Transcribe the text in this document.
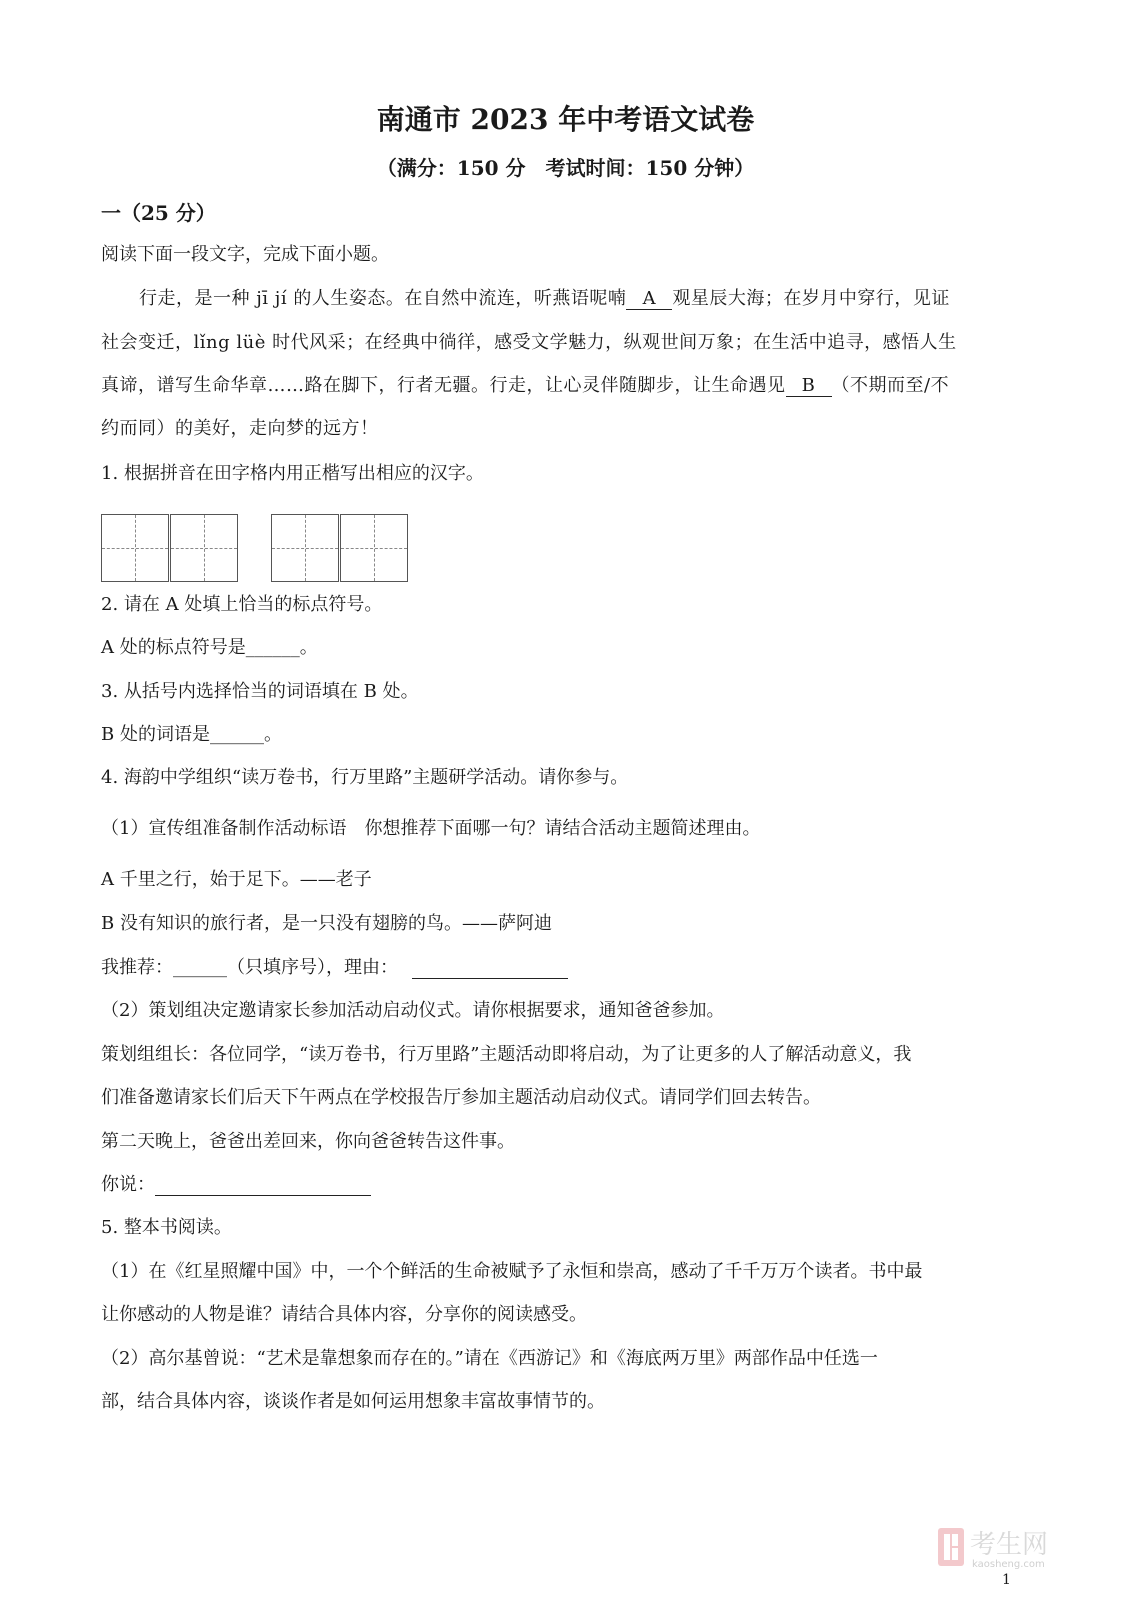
南通市 2023 年中考语文试卷
（满分：150 分　考试时间：150 分钟）
一（25 分）
阅读下面一段文字，完成下面小题。
行走，是一种 jī jí 的人生姿态。在自然中流连，听燕语呢喃 A 观星辰大海；在岁月中穿行，见证
社会变迁，lǐng lüè 时代风采；在经典中徜徉，感受文学魅力，纵观世间万象；在生活中追寻，感悟人生
真谛，谱写生命华章……路在脚下，行者无疆。行走，让心灵伴随脚步，让生命遇见 B （不期而至/不
约而同）的美好，走向梦的远方！
1. 根据拼音在田字格内用正楷写出相应的汉字。
2. 请在 A 处填上恰当的标点符号。
A 处的标点符号是______。
3. 从括号内选择恰当的词语填在 B 处。
B 处的词语是______。
4. 海韵中学组织“读万卷书，行万里路”主题研学活动。请你参与。
（1）宣传组准备制作活动标语　你想推荐下面哪一句？请结合活动主题简述理由。
A 千里之行，始于足下。——老子
B 没有知识的旅行者，是一只没有翅膀的鸟。——萨阿迪
我推荐：______（只填序号），理由：
（2）策划组决定邀请家长参加活动启动仪式。请你根据要求，通知爸爸参加。
策划组组长：各位同学，“读万卷书，行万里路”主题活动即将启动，为了让更多的人了解活动意义，我
们准备邀请家长们后天下午两点在学校报告厅参加主题活动启动仪式。请同学们回去转告。
第二天晚上，爸爸出差回来，你向爸爸转告这件事。
你说：
5. 整本书阅读。
（1）在《红星照耀中国》中，一个个鲜活的生命被赋予了永恒和崇高，感动了千千万万个读者。书中最
让你感动的人物是谁？请结合具体内容，分享你的阅读感受。
（2）高尔基曾说：“艺术是靠想象而存在的。”请在《西游记》和《海底两万里》两部作品中任选一
部，结合具体内容，谈谈作者是如何运用想象丰富故事情节的。
考生网
kaosheng.com
1
